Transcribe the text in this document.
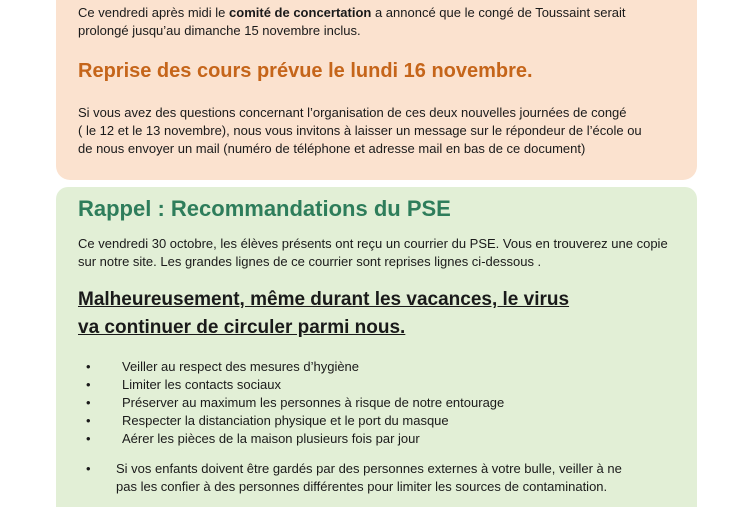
Ce vendredi après midi le comité de concertation a annoncé que le congé de Toussaint serait
prolongé jusqu’au dimanche 15 novembre inclus.

Reprise des cours prévue le lundi 16 novembre.

Si vous avez des questions concernant l’organisation de ces deux nouvelles journées de congé
( le 12 et le 13 novembre), nous vous invitons à laisser un message sur le répondeur de l’école ou
de nous envoyer un mail (numéro de téléphone et adresse mail en bas de ce document)

Rappel : Recommandations du PSE

Ce vendredi 30 octobre, les élèves présents ont reçu un courrier du PSE. Vous en trouverez une copie
sur notre site. Les grandes lignes de ce courrier sont reprises lignes ci-dessous .

Malheureusement, même durant les vacances, le virus
va continuer de circuler parmi nous.

• Veiller au respect des mesures d’hygiène
• Limiter les contacts sociaux
• Préserver au maximum les personnes à risque de notre entourage
• Respecter la distanciation physique et le port du masque
• Aérer les pièces de la maison plusieurs fois par jour
• Si vos enfants doivent être gardés par des personnes externes à votre bulle, veiller à ne
pas les confier à des personnes différentes pour limiter les sources de contamination.
